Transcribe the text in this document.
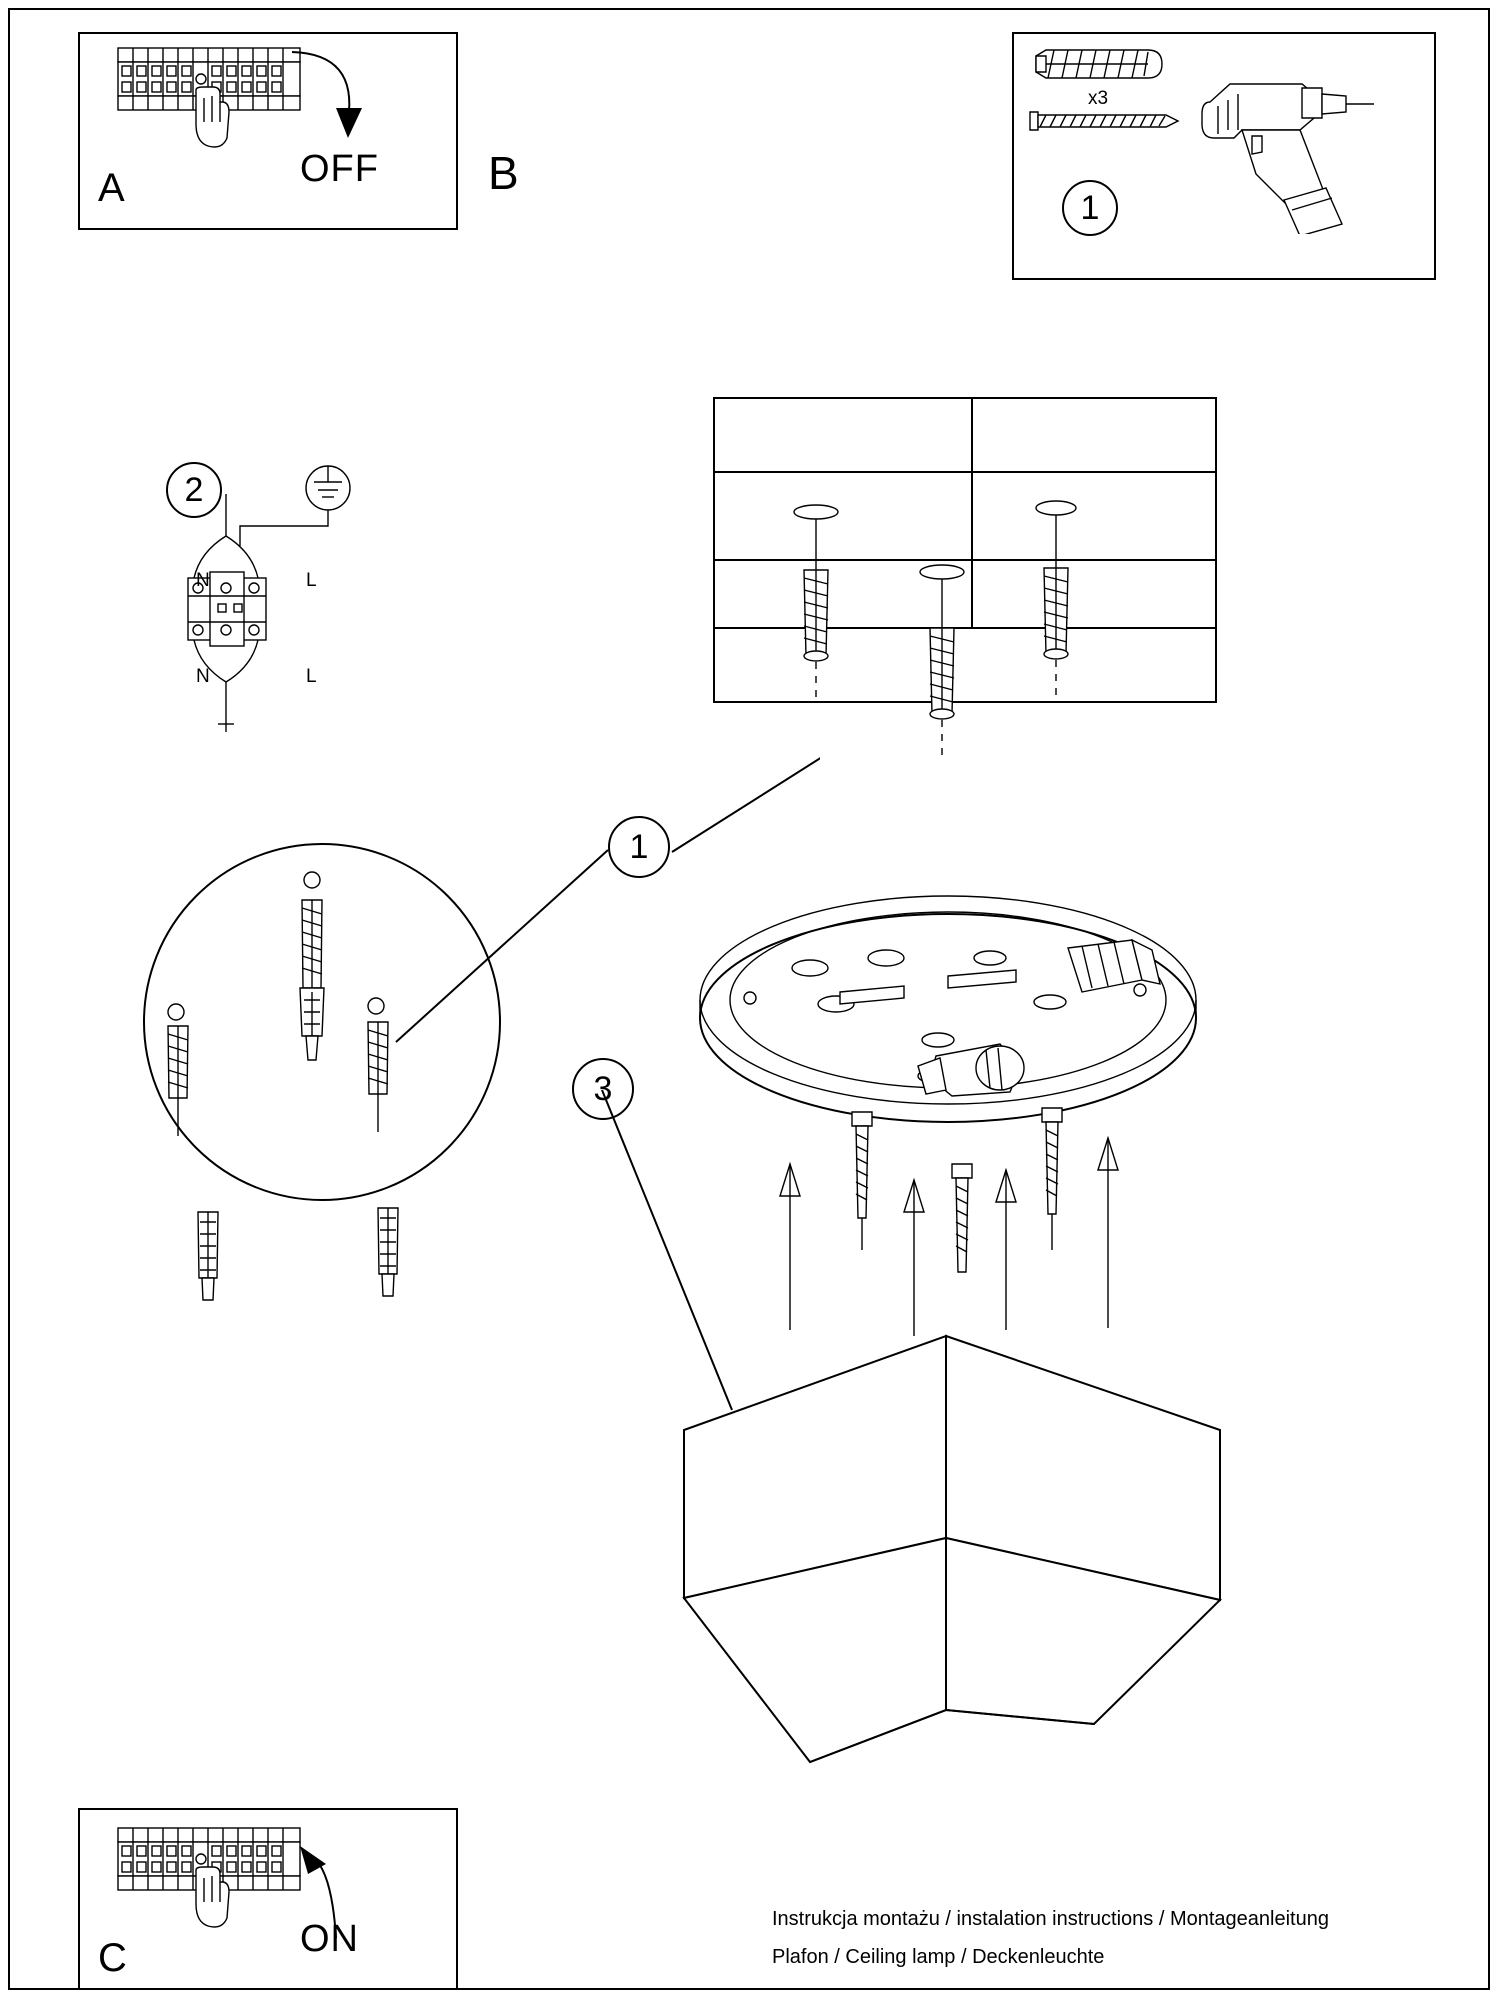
A	OFF B
1
x3
2
N	L
N	L
1
3
C	ON	Instrukcja montażu / instalation instructions / Montageanleitung
Plafon / Ceiling lamp / Deckenleuchte
